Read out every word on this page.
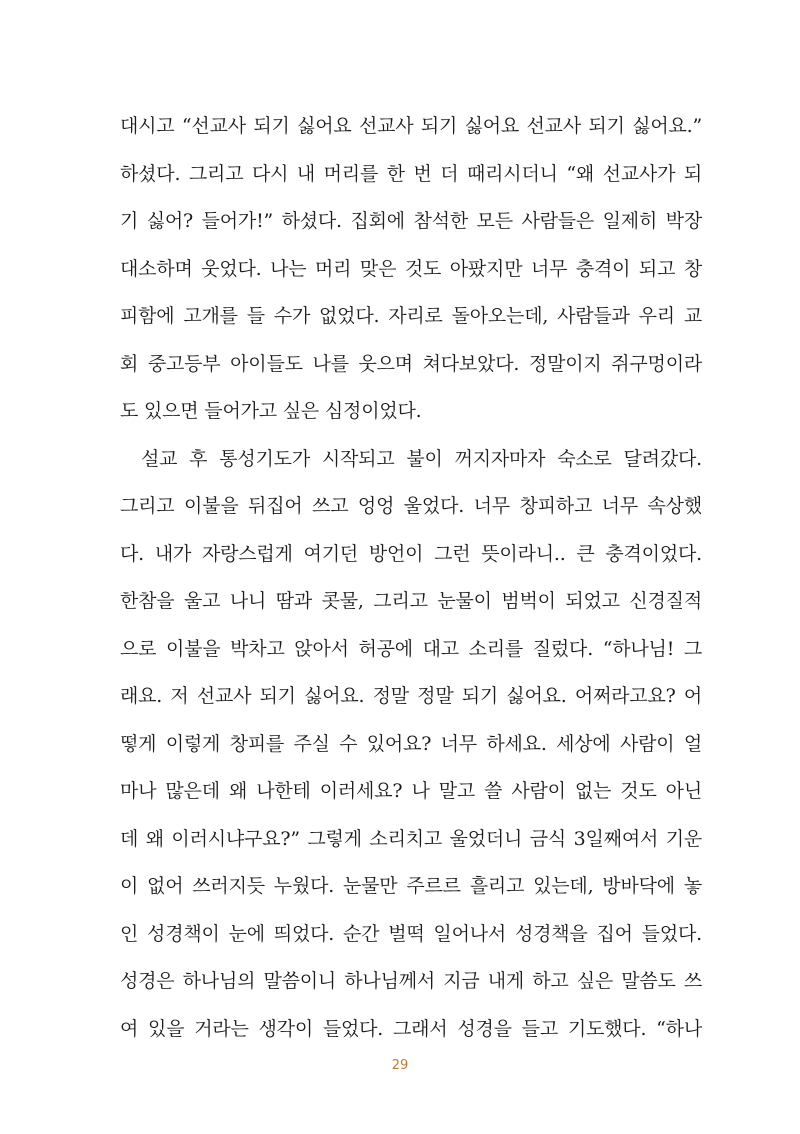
대시고 “선교사 되기 싫어요 선교사 되기 싫어요 선교사 되기 싫어요.”
하셨다. 그리고 다시 내 머리를 한 번 더 때리시더니 “왜 선교사가 되
기 싫어? 들어가!” 하셨다. 집회에 참석한 모든 사람들은 일제히 박장
대소하며 웃었다. 나는 머리 맞은 것도 아팠지만 너무 충격이 되고 창
피함에 고개를 들 수가 없었다. 자리로 돌아오는데, 사람들과 우리 교
회 중고등부 아이들도 나를 웃으며 쳐다보았다. 정말이지 쥐구멍이라
도 있으면 들어가고 싶은 심정이었다.
설교 후 통성기도가 시작되고 불이 꺼지자마자 숙소로 달려갔다.
그리고 이불을 뒤집어 쓰고 엉엉 울었다. 너무 창피하고 너무 속상했
다. 내가 자랑스럽게 여기던 방언이 그런 뜻이라니.. 큰 충격이었다.
한참을 울고 나니 땀과 콧물, 그리고 눈물이 범벅이 되었고 신경질적
으로 이불을 박차고 앉아서 허공에 대고 소리를 질렀다. “하나님! 그
래요. 저 선교사 되기 싫어요. 정말 정말 되기 싫어요. 어쩌라고요? 어
떻게 이렇게 창피를 주실 수 있어요? 너무 하세요. 세상에 사람이 얼
마나 많은데 왜 나한테 이러세요? 나 말고 쓸 사람이 없는 것도 아닌
데 왜 이러시냐구요?” 그렇게 소리치고 울었더니 금식 3일째여서 기운
이 없어 쓰러지듯 누웠다. 눈물만 주르르 흘리고 있는데, 방바닥에 놓
인 성경책이 눈에 띄었다. 순간 벌떡 일어나서 성경책을 집어 들었다.
성경은 하나님의 말씀이니 하나님께서 지금 내게 하고 싶은 말씀도 쓰
여 있을 거라는 생각이 들었다. 그래서 성경을 들고 기도했다. “하나
29
